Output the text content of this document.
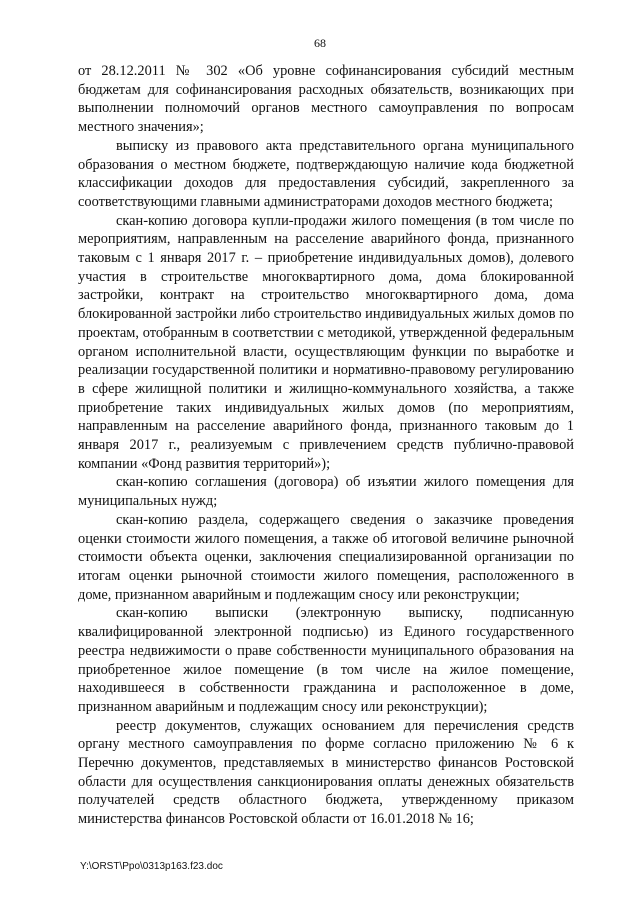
68

от 28.12.2011 № 302 «Об уровне софинансирования субсидий местным бюджетам для софинансирования расходных обязательств, возникающих при выполнении полномочий органов местного самоуправления по вопросам местного значения»;

выписку из правового акта представительного органа муниципального образования о местном бюджете, подтверждающую наличие кода бюджетной классификации доходов для предоставления субсидий, закрепленного за соответствующими главными администраторами доходов местного бюджета;

скан-копию договора купли-продажи жилого помещения (в том числе по мероприятиям, направленным на расселение аварийного фонда, признанного таковым с 1 января 2017 г. – приобретение индивидуальных домов), долевого участия в строительстве многоквартирного дома, дома блокированной застройки, контракт на строительство многоквартирного дома, дома блокированной застройки либо строительство индивидуальных жилых домов по проектам, отобранным в соответствии с методикой, утвержденной федеральным органом исполнительной власти, осуществляющим функции по выработке и реализации государственной политики и нормативно-правовому регулированию в сфере жилищной политики и жилищно-коммунального хозяйства, а также приобретение таких индивидуальных жилых домов (по мероприятиям, направленным на расселение аварийного фонда, признанного таковым до 1 января 2017 г., реализуемым с привлечением средств публично-правовой компании «Фонд развития территорий»);

скан-копию соглашения (договора) об изъятии жилого помещения для муниципальных нужд;

скан-копию раздела, содержащего сведения о заказчике проведения оценки стоимости жилого помещения, а также об итоговой величине рыночной стоимости объекта оценки, заключения специализированной организации по итогам оценки рыночной стоимости жилого помещения, расположенного в доме, признанном аварийным и подлежащим сносу или реконструкции;

скан-копию выписки (электронную выписку, подписанную квалифицированной электронной подписью) из Единого государственного реестра недвижимости о праве собственности муниципального образования на приобретенное жилое помещение (в том числе на жилое помещение, находившееся в собственности гражданина и расположенное в доме, признанном аварийным и подлежащим сносу или реконструкции);

реестр документов, служащих основанием для перечисления средств органу местного самоуправления по форме согласно приложению № 6 к Перечню документов, представляемых в министерство финансов Ростовской области для осуществления санкционирования оплаты денежных обязательств получателей средств областного бюджета, утвержденному приказом министерства финансов Ростовской области от 16.01.2018 № 16;

Y:\ORST\Ppo\0313p163.f23.doc
